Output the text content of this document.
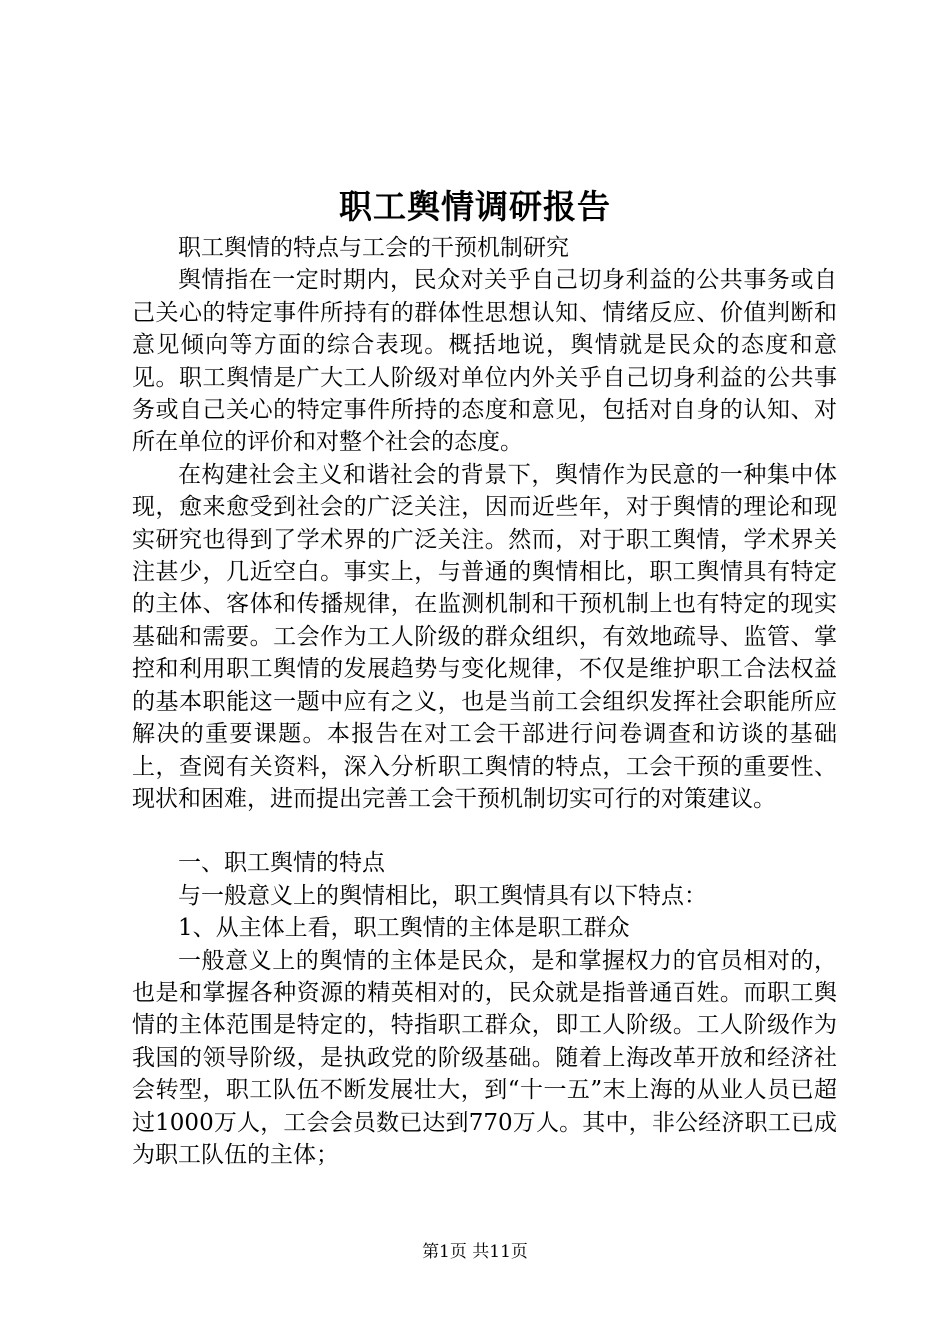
职工舆情调研报告

职工舆情的特点与工会的干预机制研究

舆情指在一定时期内，民众对关乎自己切身利益的公共事务或自己关心的特定事件所持有的群体性思想认知、情绪反应、价值判断和意见倾向等方面的综合表现。概括地说，舆情就是民众的态度和意见。职工舆情是广大工人阶级对单位内外关乎自己切身利益的公共事务或自己关心的特定事件所持的态度和意见，包括对自身的认知、对所在单位的评价和对整个社会的态度。

在构建社会主义和谐社会的背景下，舆情作为民意的一种集中体现，愈来愈受到社会的广泛关注，因而近些年，对于舆情的理论和现实研究也得到了学术界的广泛关注。然而，对于职工舆情，学术界关注甚少，几近空白。事实上，与普通的舆情相比，职工舆情具有特定的主体、客体和传播规律，在监测机制和干预机制上也有特定的现实基础和需要。工会作为工人阶级的群众组织，有效地疏导、监管、掌控和利用职工舆情的发展趋势与变化规律，不仅是维护职工合法权益的基本职能这一题中应有之义，也是当前工会组织发挥社会职能所应解决的重要课题。本报告在对工会干部进行问卷调查和访谈的基础上，查阅有关资料，深入分析职工舆情的特点，工会干预的重要性、现状和困难，进而提出完善工会干预机制切实可行的对策建议。

一、职工舆情的特点

与一般意义上的舆情相比，职工舆情具有以下特点：

1、从主体上看，职工舆情的主体是职工群众

一般意义上的舆情的主体是民众，是和掌握权力的官员相对的，也是和掌握各种资源的精英相对的，民众就是指普通百姓。而职工舆情的主体范围是特定的，特指职工群众，即工人阶级。工人阶级作为我国的领导阶级，是执政党的阶级基础。随着上海改革开放和经济社会转型，职工队伍不断发展壮大，到“十一五”末上海的从业人员已超过1000万人，工会会员数已达到770万人。其中，非公经济职工已成为职工队伍的主体；

第1页 共11页
